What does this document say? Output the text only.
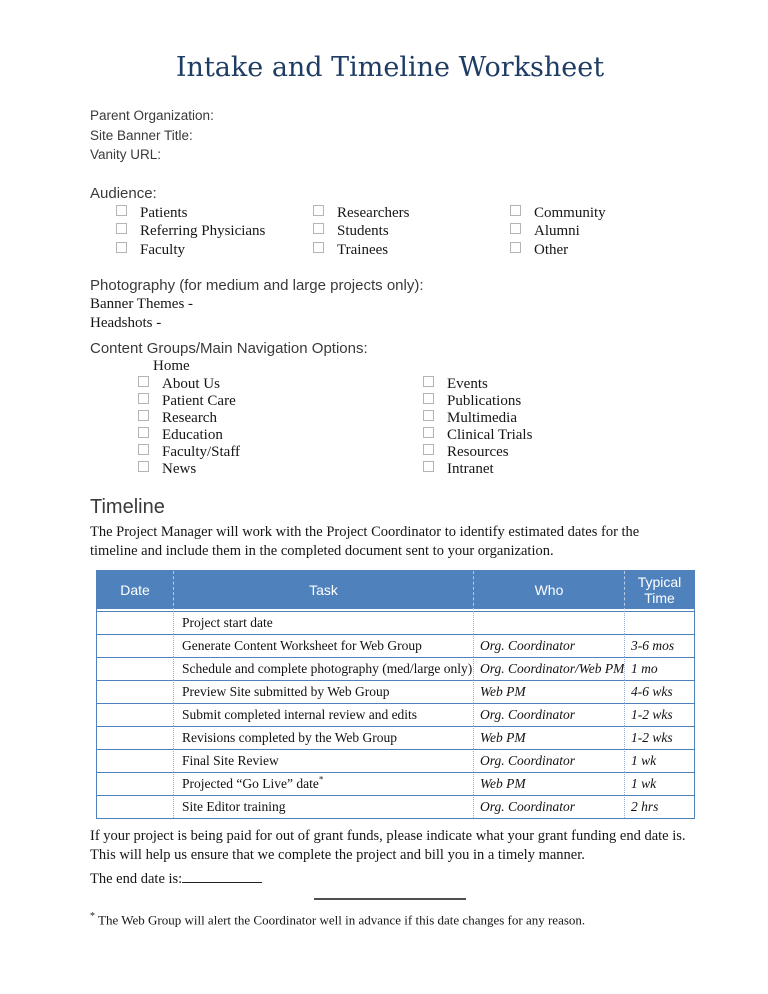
Intake and Timeline Worksheet
Parent Organization:
Site Banner Title:
Vanity URL:
Audience:
Patients	Researchers	Community
Referring Physicians	Students	Alumni
Faculty	Trainees	Other
Photography (for medium and large projects only):
Banner Themes -
Headshots -
Content Groups/Main Navigation Options:
Home
About Us	Events
Patient Care	Publications
Research	Multimedia
Education	Clinical Trials
Faculty/Staff	Resources
News	Intranet
Timeline

The Project Manager will work with the Project Coordinator to identify estimated dates for the timeline and include them in the completed document sent to your organization.

Date	Task	Who	Typical Time
	Project start date		
	Generate Content Worksheet for Web Group	Org. Coordinator	3-6 mos
	Schedule and complete photography (med/large only)	Org. Coordinator/Web PM	1 mo
	Preview Site submitted by Web Group	Web PM	4-6 wks
	Submit completed internal review and edits	Org. Coordinator	1-2 wks
	Revisions completed by the Web Group	Web PM	1-2 wks
	Final Site Review	Org. Coordinator	1 wk
	Projected “Go Live” date*	Web PM	1 wk
	Site Editor training	Org. Coordinator	2 hrs

If your project is being paid for out of grant funds, please indicate what your grant funding end date is. This will help us ensure that we complete the project and bill you in a timely manner.

The end date is:

* The Web Group will alert the Coordinator well in advance if this date changes for any reason.
